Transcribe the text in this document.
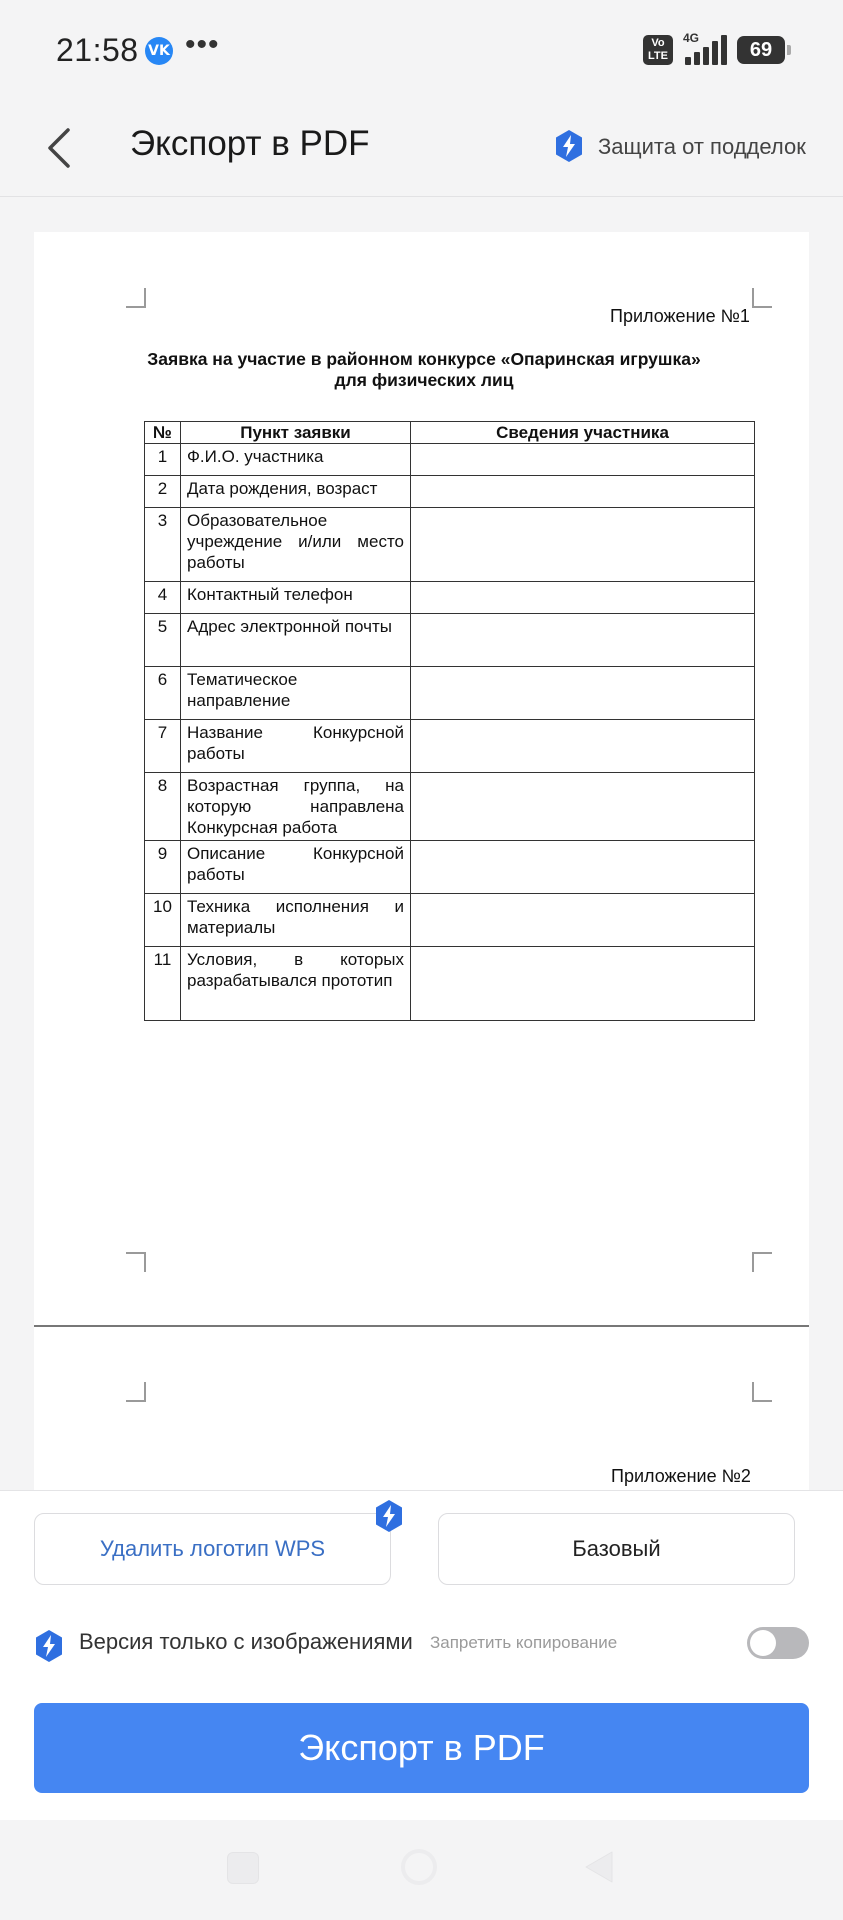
21:58 VK •••	Vo
LTE
4G
69
Экспорт в PDF	Защита от подделок
Приложение №1
Заявка на участие в районном конкурсе «Опаринская игрушка»
для физических лиц
№	Пункт заявки	Сведения участника
1	Ф.И.О. участника	
2	Дата рождения, возраст	
3	Образовательное учреждение и/или место работы	
4	Контактный телефон	
5	Адрес электронной почты	
6	Тематическое направление	
7	Название Конкурсной работы	
8	Возрастная группа, на которую направлена Конкурсная работа	
9	Описание Конкурсной работы	
10	Техника исполнения и материалы	
11	Условия, в которых разрабатывался прототип	
Приложение №2
Удалить логотип WPS	Базовый
Версия только с изображениями Запретить копирование
Экспорт в PDF
